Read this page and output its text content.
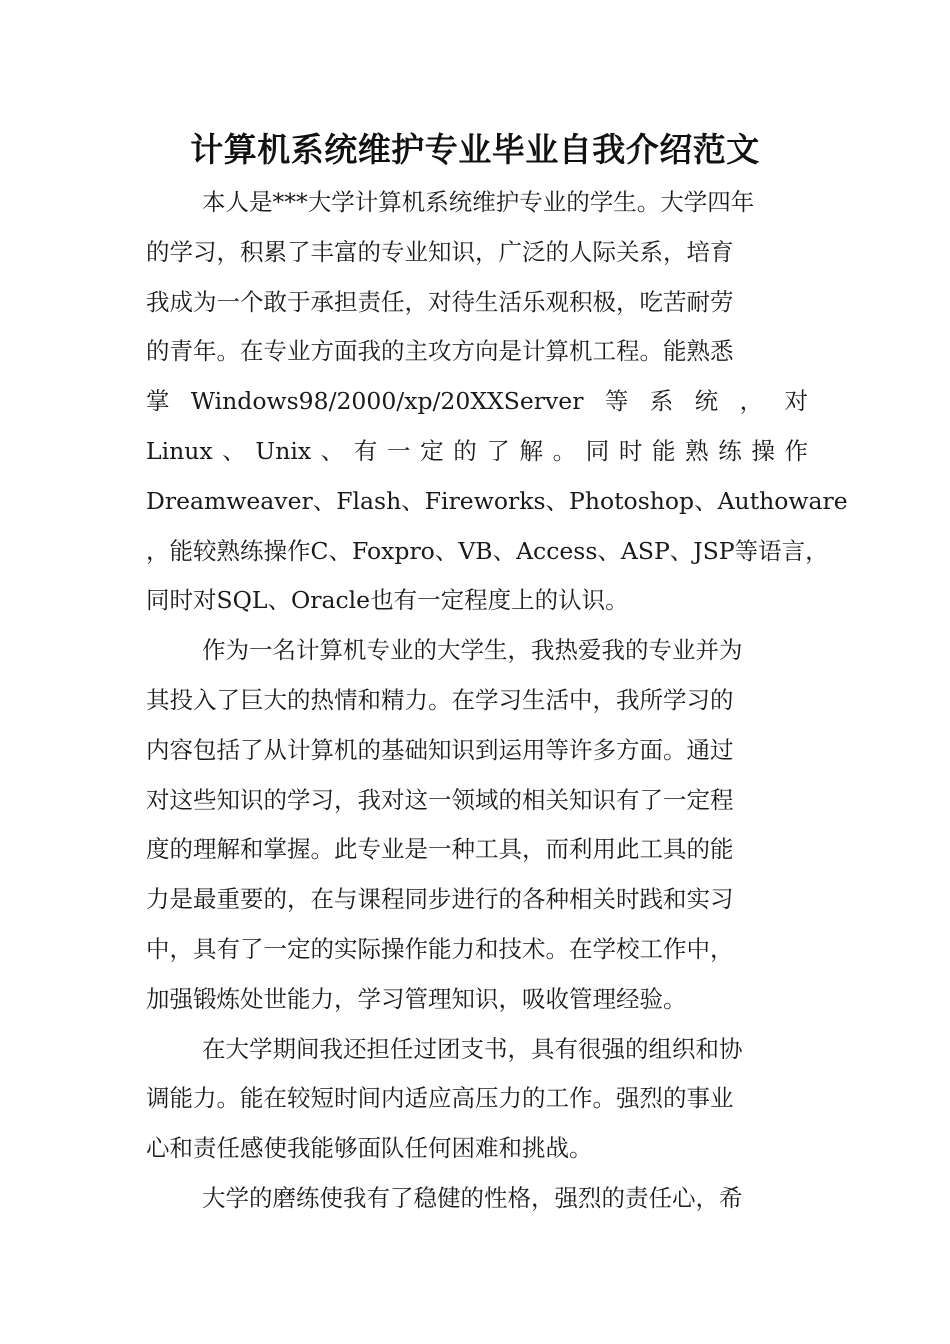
计算机系统维护专业毕业自我介绍范文
本人是***大学计算机系统维护专业的学生。大学四年
的学习，积累了丰富的专业知识，广泛的人际关系，培育
我成为一个敢于承担责任，对待生活乐观积极，吃苦耐劳
的青年。在专业方面我的主攻方向是计算机工程。能熟悉
掌 Windows98/2000/xp/20XXServer 等 系 统 ， 对
Linux 、 Unix 、 有 一 定 的 了 解 。 同 时 能 熟 练 操 作
Dreamweaver、Flash、Fireworks、Photoshop、Authoware
，能较熟练操作C、Foxpro、VB、Access、ASP、JSP等语言，
同时对SQL、Oracle也有一定程度上的认识。
作为一名计算机专业的大学生，我热爱我的专业并为
其投入了巨大的热情和精力。在学习生活中，我所学习的
内容包括了从计算机的基础知识到运用等许多方面。通过
对这些知识的学习，我对这一领域的相关知识有了一定程
度的理解和掌握。此专业是一种工具，而利用此工具的能
力是最重要的，在与课程同步进行的各种相关时践和实习
中，具有了一定的实际操作能力和技术。在学校工作中，
加强锻炼处世能力，学习管理知识，吸收管理经验。
在大学期间我还担任过团支书，具有很强的组织和协
调能力。能在较短时间内适应高压力的工作。强烈的事业
心和责任感使我能够面队任何困难和挑战。
大学的磨练使我有了稳健的性格，强烈的责任心，希
